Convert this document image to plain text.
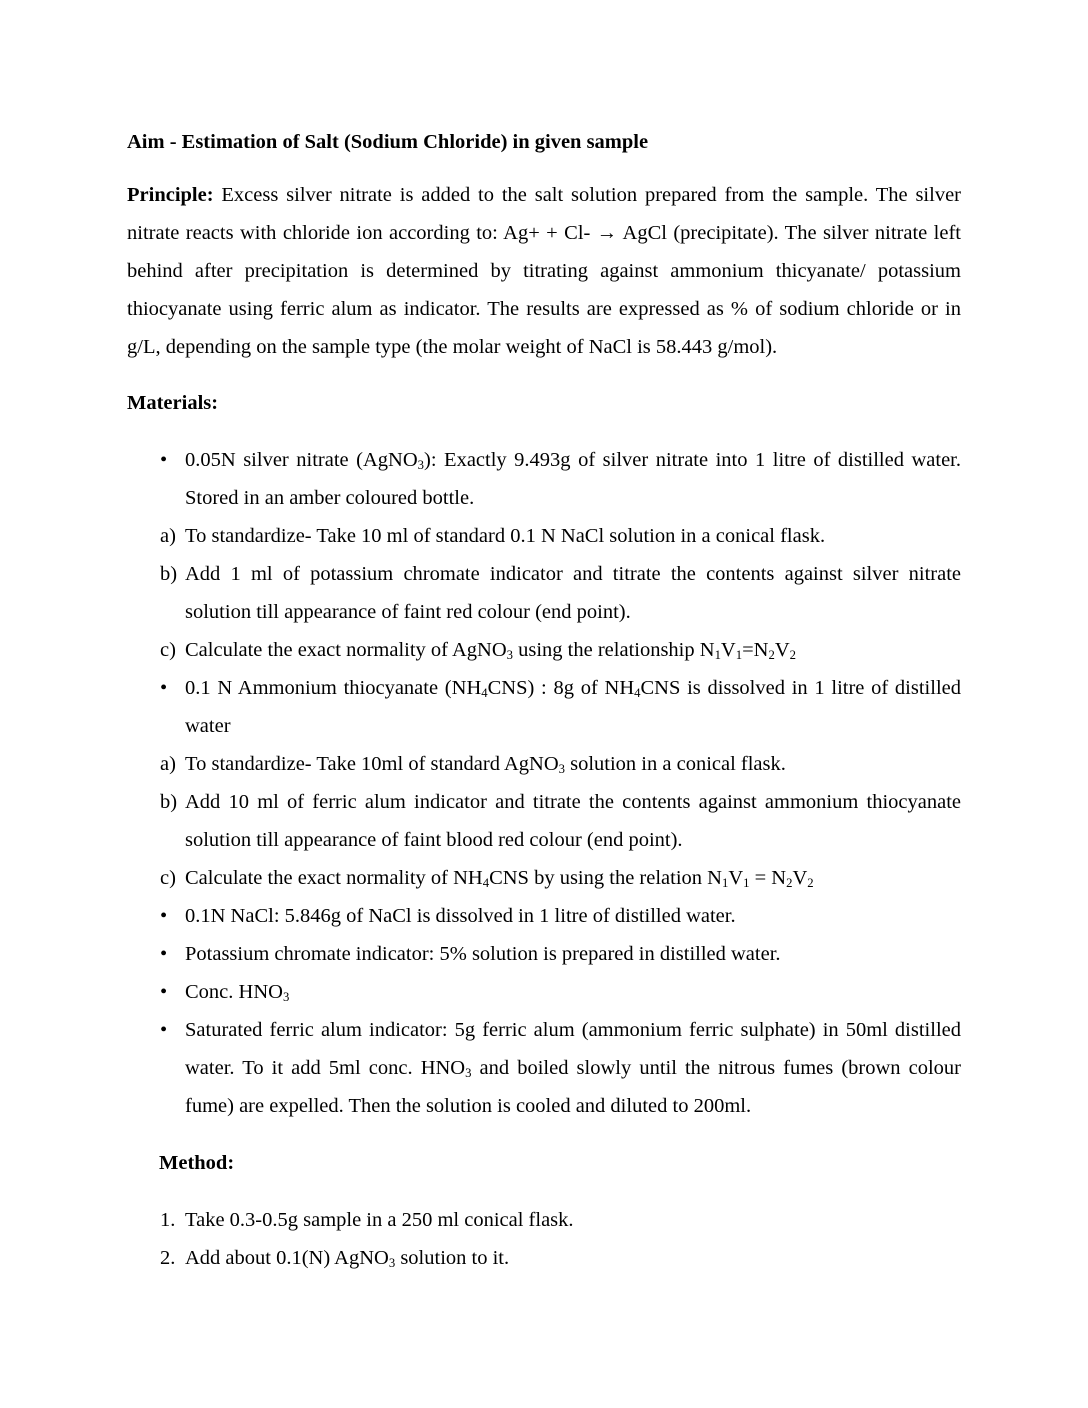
Aim - Estimation of Salt (Sodium Chloride) in given sample

Principle: Excess silver nitrate is added to the salt solution prepared from the sample. The silver nitrate reacts with chloride ion according to: Ag+ + Cl- → AgCl (precipitate). The silver nitrate left behind after precipitation is determined by titrating against ammonium thicyanate/ potassium thiocyanate using ferric alum as indicator. The results are expressed as % of sodium chloride or in g/L, depending on the sample type (the molar weight of NaCl is 58.443 g/mol).

Materials:

• 0.05N silver nitrate (AgNO3): Exactly 9.493g of silver nitrate into 1 litre of distilled water. Stored in an amber coloured bottle.
a) To standardize- Take 10 ml of standard 0.1 N NaCl solution in a conical flask.
b) Add 1 ml of potassium chromate indicator and titrate the contents against silver nitrate solution till appearance of faint red colour (end point).
c) Calculate the exact normality of AgNO3 using the relationship N1V1=N2V2
• 0.1 N Ammonium thiocyanate (NH4CNS) : 8g of NH4CNS is dissolved in 1 litre of distilled water
a) To standardize- Take 10ml of standard AgNO3 solution in a conical flask.
b) Add 10 ml of ferric alum indicator and titrate the contents against ammonium thiocyanate solution till appearance of faint blood red colour (end point).
c) Calculate the exact normality of NH4CNS by using the relation N1V1 = N2V2
• 0.1N NaCl: 5.846g of NaCl is dissolved in 1 litre of distilled water.
• Potassium chromate indicator: 5% solution is prepared in distilled water.
• Conc. HNO3
• Saturated ferric alum indicator: 5g ferric alum (ammonium ferric sulphate) in 50ml distilled water. To it add 5ml conc. HNO3 and boiled slowly until the nitrous fumes (brown colour fume) are expelled. Then the solution is cooled and diluted to 200ml.

Method:

1. Take 0.3-0.5g sample in a 250 ml conical flask.
2. Add about 0.1(N) AgNO3 solution to it.
